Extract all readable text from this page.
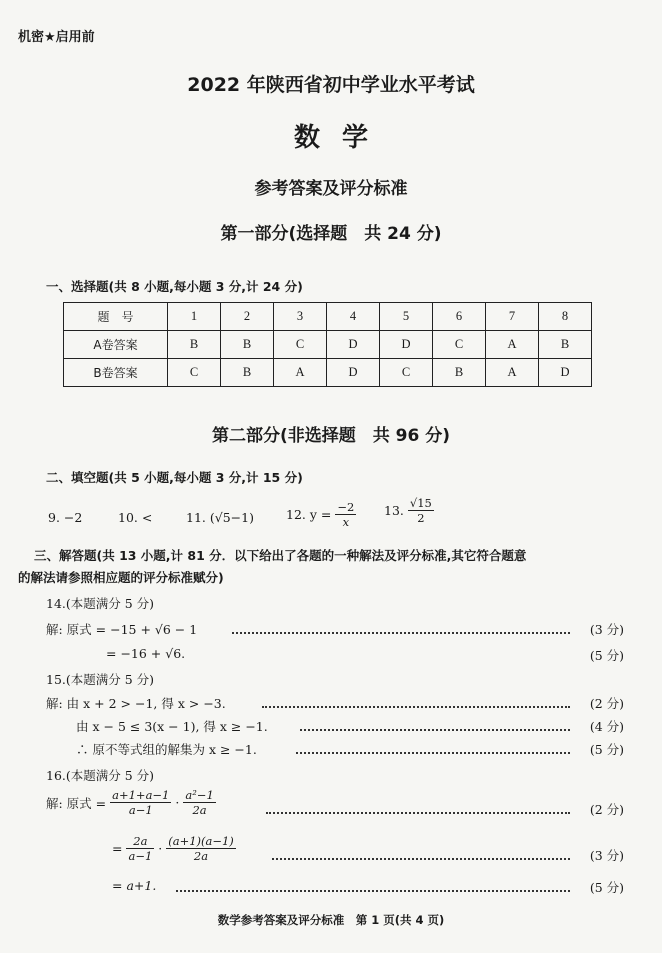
机密★启用前
2022 年陕西省初中学业水平考试
数学
参考答案及评分标准
第一部分(选择题　共 24 分)
一、选择题(共 8 小题,每小题 3 分,计 24 分)
题　号	1	2	3	4	5	6	7	8
A卷答案	B	B	C	D	D	C	A	B
B卷答案	C	B	A	D	C	B	A	D
第二部分(非选择题　共 96 分)
二、填空题(共 5 小题,每小题 3 分,计 15 分)
9. −2	10. <	11. (√5−1)	12. $y = \frac{-2}{x} 13$. $\frac{√15}{2}$
三、解答题(共 13 小题,计 81 分．以下给出了各题的一种解法及评分标准,其它符合题意
的解法请参照相应题的评分标准赋分)
14.(本题满分 5 分)
解: 原式 = −15 + √6 − 1	(3 分)
= −16 + √6.	(5 分)
15.(本题满分 5 分)
解: 由 x + 2 > −1, 得 x > −3.	(2 分)
由 x − 5 ≤ 3(x − 1), 得 x ≥ −1.	(4 分)
∴ 原不等式组的解集为 x ≥ −1.	(5 分)
16.(本题满分 5 分)
解: 原式 = $\frac{a+1+a-1}{a-1} \cdot \frac{\text{a²−1}}{2a}$	(2 分)
= $\frac{2a}{a-1} \cdot \frac{(a+1)(a-1)}{2a}$	(3 分)
= a+1.	(5 分)
数学参考答案及评分标准　第 1 页(共 4 页)
